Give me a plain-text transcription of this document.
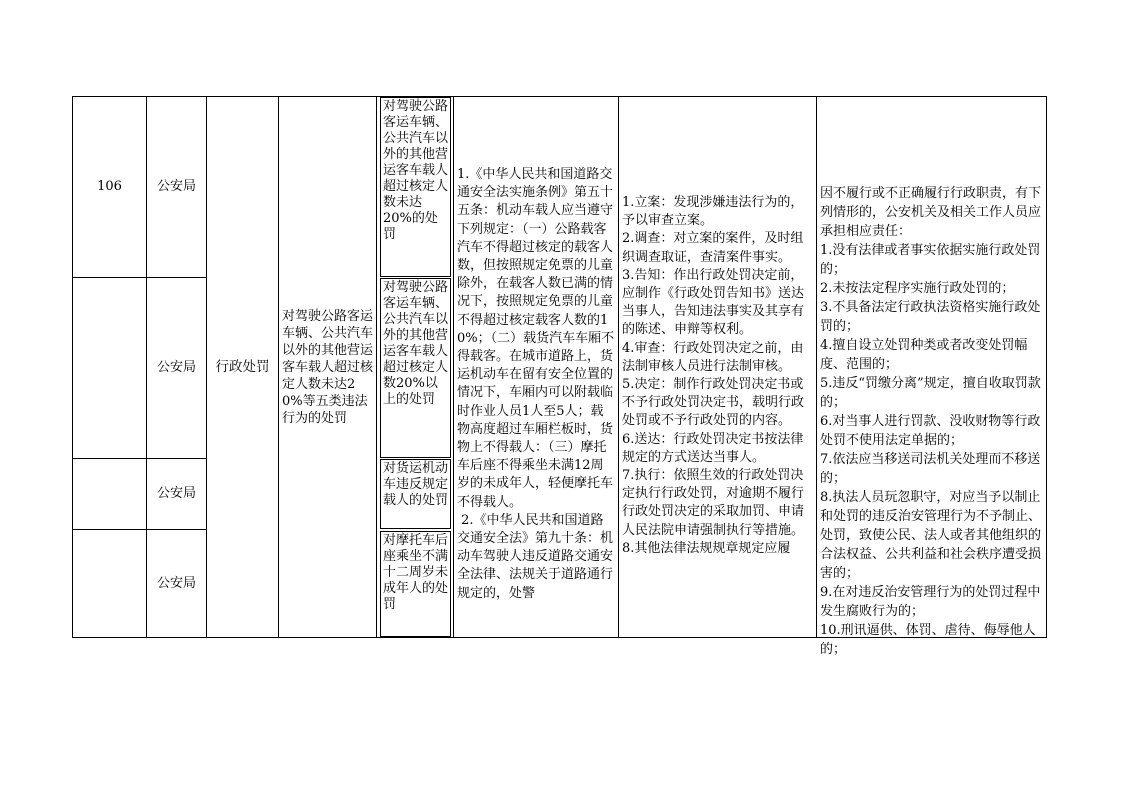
106	公安局
公安局
公安局
公安局
行政处罚
对驾驶公路客运车辆、公共汽车以外的其他营运客车载人超过核定人数未达20%等五类违法行为的处罚
对驾驶公路客运车辆、公共汽车以外的其他营运客车载人超过核定人数未达20%的处罚
对驾驶公路客运车辆、公共汽车以外的其他营运客车载人超过核定人数20%以上的处罚
对货运机动车违反规定载人的处罚
对摩托车后座乘坐不满十二周岁未成年人的处罚
1.《中华人民共和国道路交通安全法实施条例》第五十五条：机动车载人应当遵守下列规定：（一）公路载客汽车不得超过核定的载客人数，但按照规定免票的儿童除外，在载客人数已满的情况下，按照规定免票的儿童不得超过核定载客人数的10%；（二）载货汽车车厢不得载客。在城市道路上，货运机动车在留有安全位置的情况下，车厢内可以附载临时作业人员1人至5人；载物高度超过车厢栏板时，货物上不得载人：（三）摩托车后座不得乘坐未满12周岁的未成年人，轻便摩托车不得载人。
2.《中华人民共和国道路交通安全法》第九十条：机动车驾驶人违反道路交通安全法律、法规关于道路通行规定的，处警
1.立案：发现涉嫌违法行为的，予以审查立案。
2.调查：对立案的案件，及时组织调查取证，查清案件事实。
3.告知：作出行政处罚决定前，应制作《行政处罚告知书》送达当事人，告知违法事实及其享有的陈述、申辩等权利。
4.审查：行政处罚决定之前，由法制审核人员进行法制审核。
5.决定：制作行政处罚决定书或不予行政处罚决定书，载明行政处罚或不予行政处罚的内容。
6.送达：行政处罚决定书按法律规定的方式送达当事人。
7.执行：依照生效的行政处罚决定执行行政处罚，对逾期不履行行政处罚决定的采取加罚、申请人民法院申请强制执行等措施。
8.其他法律法规规章规定应履
因不履行或不正确履行行政职责，有下列情形的，公安机关及相关工作人员应承担相应责任：
1.没有法律或者事实依据实施行政处罚的；
2.未按法定程序实施行政处罚的；
3.不具备法定行政执法资格实施行政处罚的；
4.擅自设立处罚种类或者改变处罚幅度、范围的；
5.违反“罚缴分离”规定，擅自收取罚款的；
6.对当事人进行罚款、没收财物等行政处罚不使用法定单据的；
7.依法应当移送司法机关处理而不移送的；
8.执法人员玩忽职守，对应当予以制止和处罚的违反治安管理行为不予制止、处罚，致使公民、法人或者其他组织的合法权益、公共利益和社会秩序遭受损害的；
9.在对违反治安管理行为的处罚过程中发生腐败行为的；
10.刑讯逼供、体罚、虐待、侮辱他人的；
